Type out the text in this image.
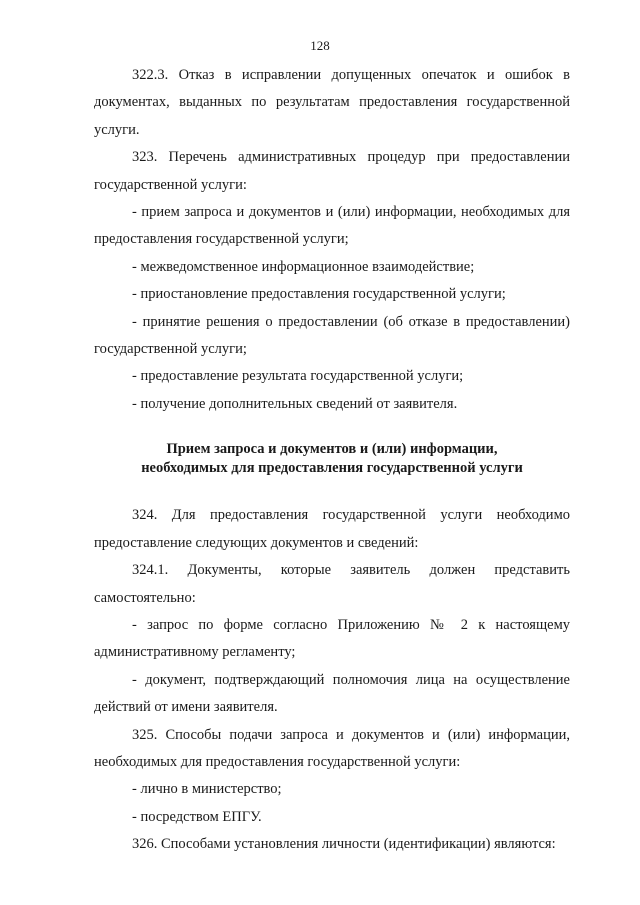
128

322.3. Отказ в исправлении допущенных опечаток и ошибок в документах, выданных по результатам предоставления государственной услуги.

323. Перечень административных процедур при предоставлении государственной услуги:

- прием запроса и документов и (или) информации, необходимых для предоставления государственной услуги;

- межведомственное информационное взаимодействие;

- приостановление предоставления государственной услуги;

- принятие решения о предоставлении (об отказе в предоставлении) государственной услуги;

- предоставление результата государственной услуги;

- получение дополнительных сведений от заявителя.

Прием запроса и документов и (или) информации,
необходимых для предоставления государственной услуги

324. Для предоставления государственной услуги необходимо предоставление следующих документов и сведений:

324.1. Документы, которые заявитель должен представить самостоятельно:

- запрос по форме согласно Приложению № 2 к настоящему административному регламенту;

- документ, подтверждающий полномочия лица на осуществление действий от имени заявителя.

325. Способы подачи запроса и документов и (или) информации, необходимых для предоставления государственной услуги:

- лично в министерство;

- посредством ЕПГУ.

326. Способами установления личности (идентификации) являются:
